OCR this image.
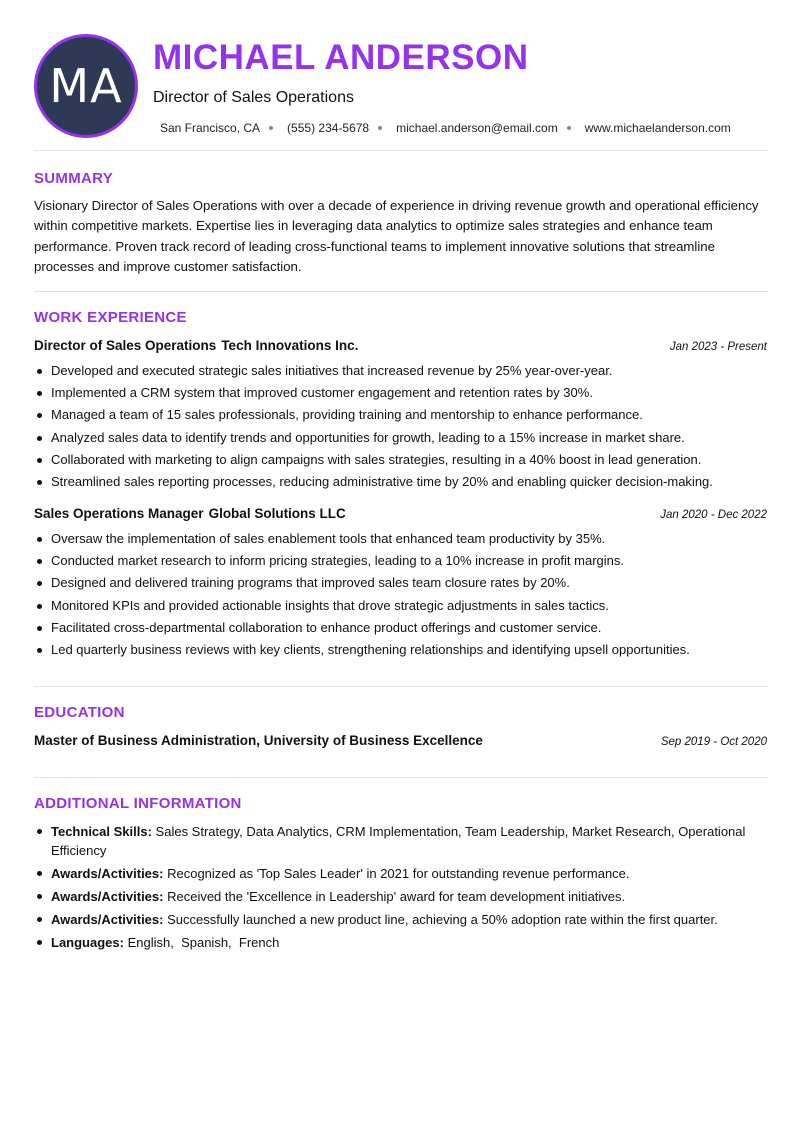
MA
MICHAEL ANDERSON
Director of Sales Operations
San Francisco, CA (555) 234-5678 michael.anderson@email.com www.michaelanderson.com
SUMMARY

Visionary Director of Sales Operations with over a decade of experience in driving revenue growth and operational efficiency within competitive markets. Expertise lies in leveraging data analytics to optimize sales strategies and enhance team performance. Proven track record of leading cross-functional teams to implement innovative solutions that streamline processes and improve customer satisfaction.

WORK EXPERIENCE
Director of Sales Operations Tech Innovations Inc.	Jan 2023 - Present
Developed and executed strategic sales initiatives that increased revenue by 25% year-over-year.
Implemented a CRM system that improved customer engagement and retention rates by 30%.
Managed a team of 15 sales professionals, providing training and mentorship to enhance performance.
Analyzed sales data to identify trends and opportunities for growth, leading to a 15% increase in market share.
Collaborated with marketing to align campaigns with sales strategies, resulting in a 40% boost in lead generation.
Streamlined sales reporting processes, reducing administrative time by 20% and enabling quicker decision-making.
Sales Operations Manager Global Solutions LLC	Jan 2020 - Dec 2022
Oversaw the implementation of sales enablement tools that enhanced team productivity by 35%.
Conducted market research to inform pricing strategies, leading to a 10% increase in profit margins.
Designed and delivered training programs that improved sales team closure rates by 20%.
Monitored KPIs and provided actionable insights that drove strategic adjustments in sales tactics.
Facilitated cross-departmental collaboration to enhance product offerings and customer service.
Led quarterly business reviews with key clients, strengthening relationships and identifying upsell opportunities.
EDUCATION
Master of Business Administration, University of Business Excellence	Sep 2019 - Oct 2020
ADDITIONAL INFORMATION
Technical Skills: Sales Strategy, Data Analytics, CRM Implementation, Team Leadership, Market Research, Operational Efficiency
Awards/Activities: Recognized as 'Top Sales Leader' in 2021 for outstanding revenue performance.
Awards/Activities: Received the 'Excellence in Leadership' award for team development initiatives.
Awards/Activities: Successfully launched a new product line, achieving a 50% adoption rate within the first quarter.
Languages: English,  Spanish,  French
